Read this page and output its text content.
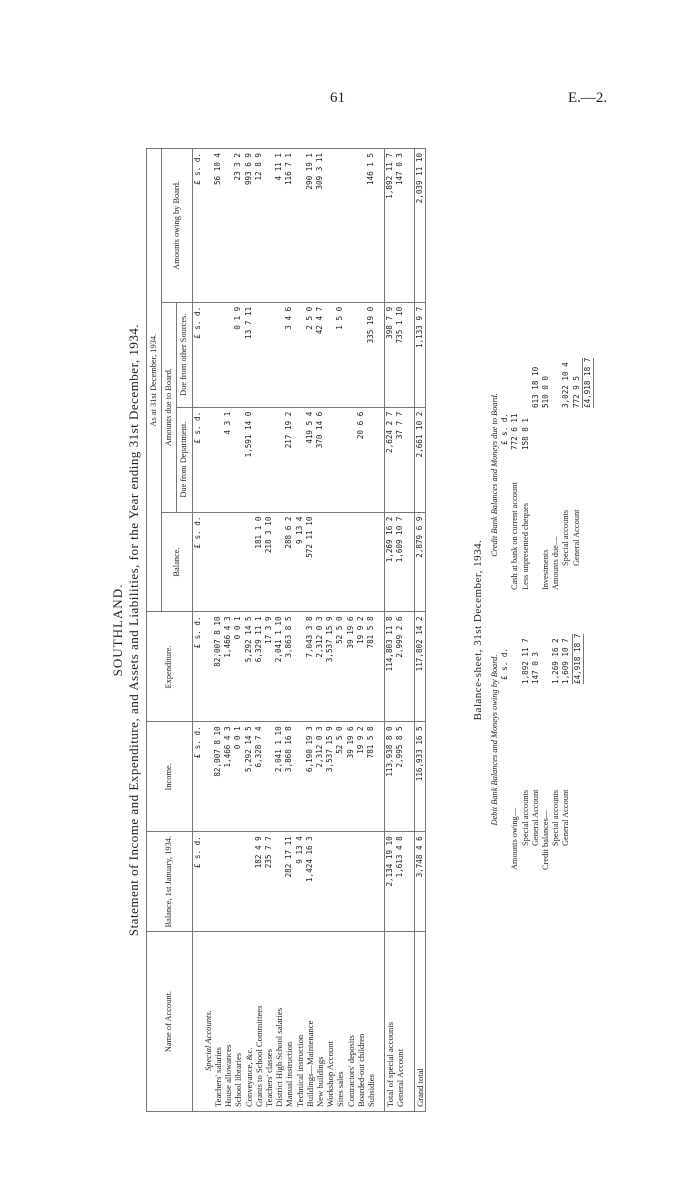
61	E.—2.
SOUTHLAND. Statement of Income and Expenditure, and Assets and Liabilities, for the Year ending 31st December, 1934.
Name of Account.	Balance, 1st January, 1934.	Income.	Expenditure.	As at 31st December, 1934.			
				Balance.	Amounts due to Board.		Amounts owing by Board.
					Due from Department.	Due from other Sources.	
	£ s. d.	£ s. d.	£ s. d.	£ s. d.	£ s. d.	£ s. d.	£ s. d.
Special Accounts.							
Teachers' salaries		82,007 8 10	82,007 8 10				56 10 4
House allowances		1,466 4 3	1,466 4 3		4 3 1		
School libraries		0 0 1	0 0 1			0 1 9	23 3 2
Conveyance, &c.		5,292 14 5	5,292 14 5		1,591 14 0	13 7 11	993 6 9
Grants to School Committees	182 4 9	6,328 7 4	6,329 11 1	181 1 0			12 8 9
Teachers' classes	235 7 7		17 3 9	218 3 10			
District High School salaries		2,041 1 10	2,041 1 10				4 11 1
Manual instruction	282 17 11	3,868 16 8	3,863 8 5	288 6 2	217 19 2	3 4 6	116 7 1
Technical instruction	9 13 4			9 13 4			
Buildings—Maintenance	1,424 16 3	6,190 19 3	7,043 3 8	572 11 10	419 5 4	2 5 0	290 19 1
New buildings		2,312 0 3	2,312 0 3		370 14 6	42 4 7	309 3 11
Workshop Account		3,537 15 9	3,537 15 9				
Sites sales		52 5 0	52 5 0			1 5 0	
Contractors' deposits		39 19 6	39 19 6				
Boarded-out children		19 9 2	19 9 2		20 6 6		
Subsidies		781 5 8	781 5 8			335 19 0	146 1 5

Total of special accounts	2,134 19 10	113,938 8 0	114,803 11 8	1,269 16 2	2,624 2 7	398 7 9	1,892 11 7
General Account	1,613 4 8	2,995 8 5	2,999 2 6	1,609 10 7	37 7 7	735 1 10	147 0 3

Grand total	3,748 4 6	116,933 16 5	117,802 14 2	2,879 6 9	2,661 10 2	1,133 9 7	2,039 11 10
Balance-sheet, 31st December, 1934.
Debit Bank Balances and Moneys owing by Board. £ s. d.
Amounts owing— Special accounts
1,892 11 7
General Account
147 0 3
Credit balances— Special accounts
1,269 16 2
General Account
1,609 10 7 £4,918 18 7
Credit Bank Balances and Moneys due to Board. £ s. d.
Cash at bank on current account
772 6 11
Less unpresented cheques
158 8 1
613 18 10
Investments
510 0 0
Amounts due— Special accounts
3,022 10 4
General Account
772 9 5 £4,918 18 7
